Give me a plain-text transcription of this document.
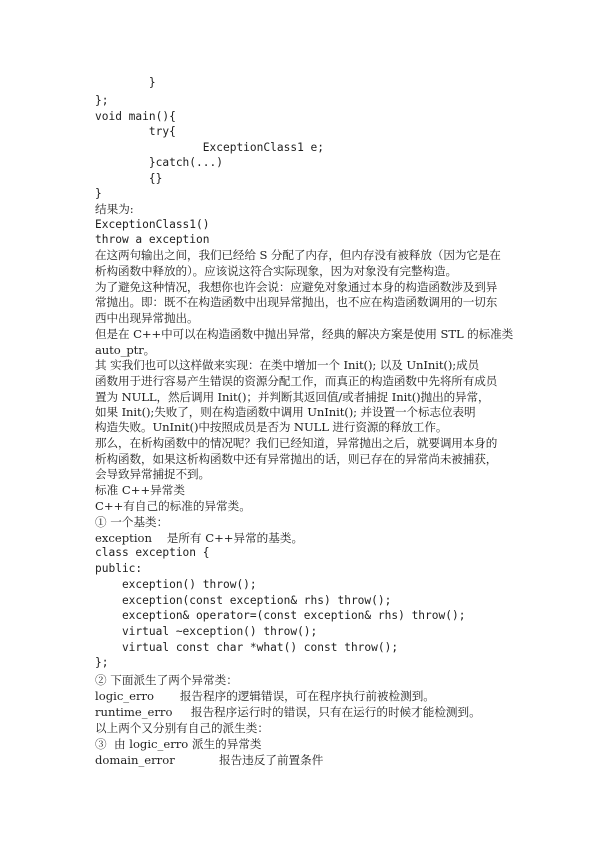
}
};
void main(){
try{
ExceptionClass1 e;
}catch(...)
{}
}
结果为:
ExceptionClass1()
throw a exception
在这两句输出之间，我们已经给 S 分配了内存，但内存没有被释放（因为它是在
析构函数中释放的）。应该说这符合实际现象，因为对象没有完整构造。
为了避免这种情况，我想你也许会说：应避免对象通过本身的构造函数涉及到异
常抛出。即：既不在构造函数中出现异常抛出，也不应在构造函数调用的一切东
西中出现异常抛出。
但是在 C++中可以在构造函数中抛出异常，经典的解决方案是使用 STL 的标准类
auto_ptr。
其 实我们也可以这样做来实现：在类中增加一个 Init(); 以及 UnInit();成员
函数用于进行容易产生错误的资源分配工作，而真正的构造函数中先将所有成员
置为 NULL，然后调用 Init()；并判断其返回值/或者捕捉 Init()抛出的异常，
如果 Init();失败了，则在构造函数中调用 UnInit(); 并设置一个标志位表明
构造失败。UnInit()中按照成员是否为 NULL 进行资源的释放工作。
那么，在析构函数中的情况呢？我们已经知道，异常抛出之后，就要调用本身的
析构函数，如果这析构函数中还有异常抛出的话，则已存在的异常尚未被捕获，
会导致异常捕捉不到。
标准 C++异常类
C++有自己的标准的异常类。
① 一个基类：
exception    是所有 C++异常的基类。
class exception {
public:
exception() throw();
exception(const exception& rhs) throw();
exception& operator=(const exception& rhs) throw();
virtual ~exception() throw();
virtual const char *what() const throw();
};
② 下面派生了两个异常类：
logic_erro       报告程序的逻辑错误，可在程序执行前被检测到。
runtime_erro     报告程序运行时的错误，只有在运行的时候才能检测到。
以上两个又分别有自己的派生类：
③  由 logic_erro 派生的异常类
domain_error            报告违反了前置条件
